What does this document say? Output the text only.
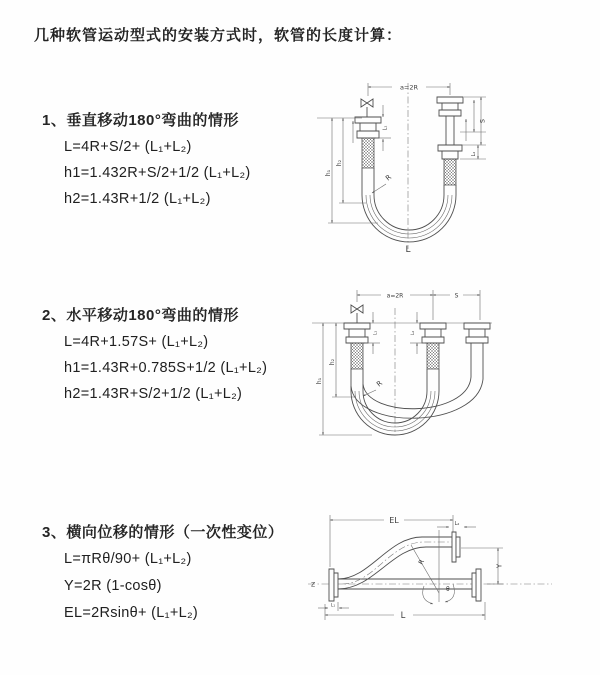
几种软管运动型式的安装方式时，软管的长度计算：
1、垂直移动180°弯曲的情形
L=4R+S/2+ (L₁+L₂)
h1=1.432R+S/2+1/2 (L₁+L₂)
h2=1.43R+1/2 (L₁+L₂)
2、水平移动180°弯曲的情形
L=4R+1.57S+ (L₁+L₂)
h1=1.43R+0.785S+1/2 (L₁+L₂)
h2=1.43R+S/2+1/2 (L₁+L₂)
3、横向位移的情形（一次性变位）
L=πRθ/90+ (L₁+L₂)
Y=2R (1-cosθ)
EL=2Rsinθ+ (L₁+L₂)
a=2R
R
L
h₁
h₂
L₁
S
L₂
a=2R	S
R
h₁
h₂
L₁	L₂
EL	L₂
Y
Z
R
θ
L
L₁
